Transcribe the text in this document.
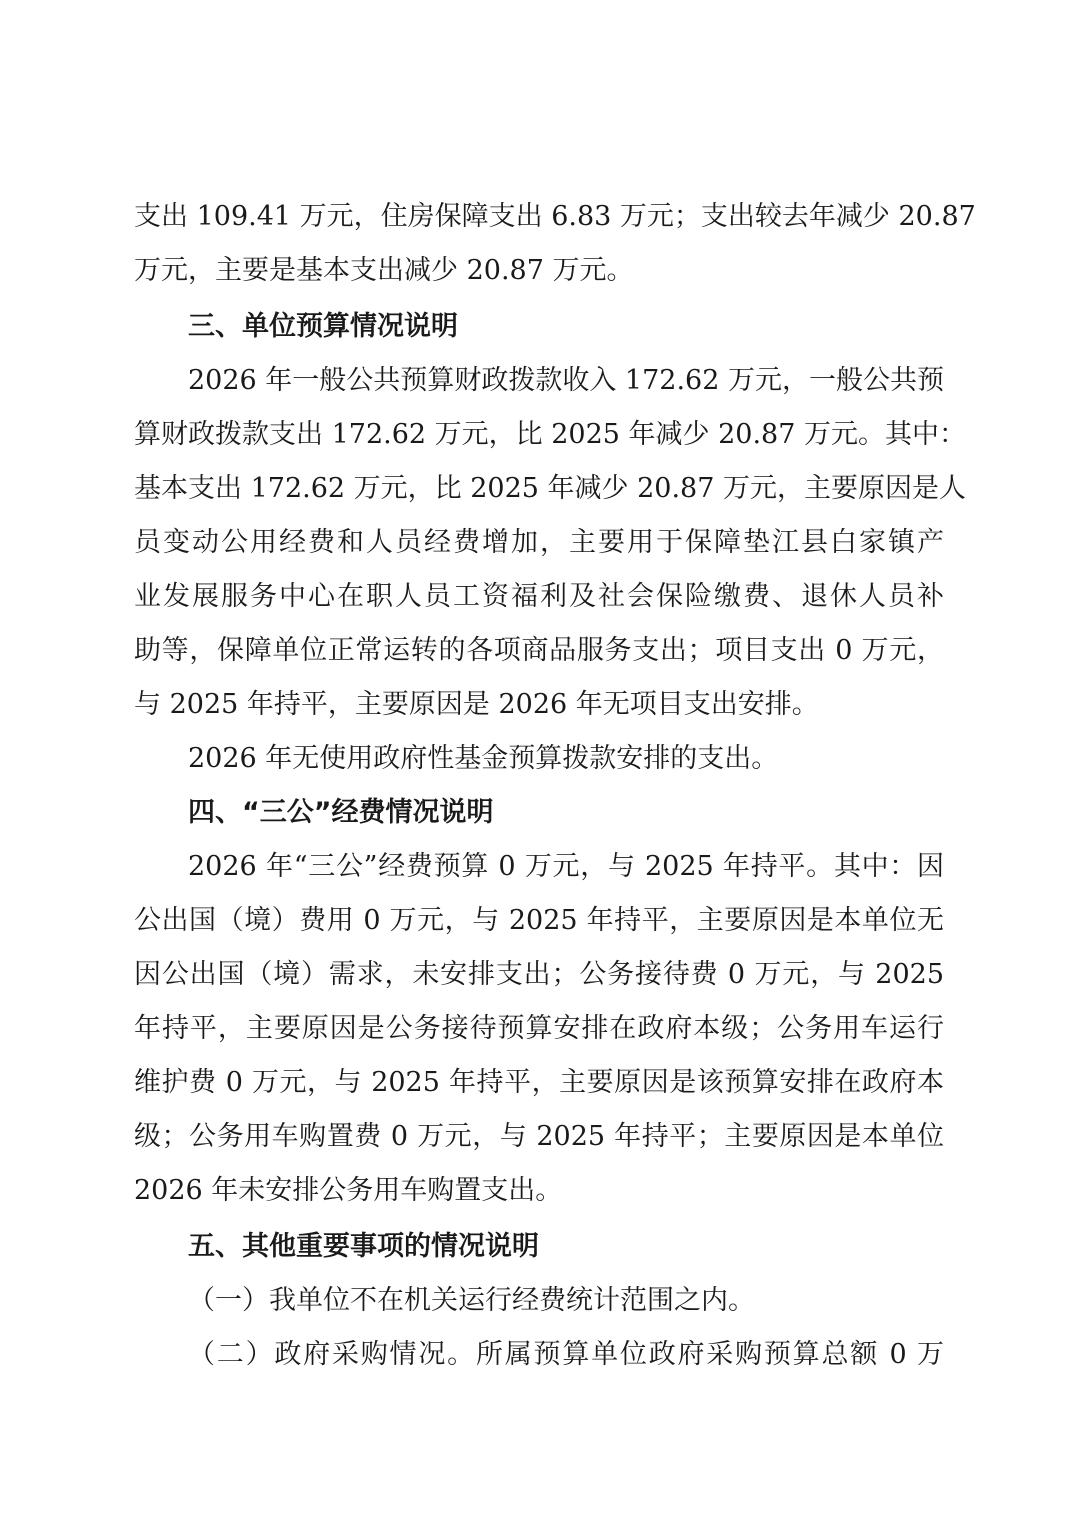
支出 109.41 万元，住房保障支出 6.83 万元；支出较去年减少 20.87
万元，主要是基本支出减少 20.87 万元。
三、单位预算情况说明
2026 年一般公共预算财政拨款收入 172.62 万元，一般公共预
算财政拨款支出 172.62 万元，比 2025 年减少 20.87 万元。其中：
基本支出 172.62 万元，比 2025 年减少 20.87 万元，主要原因是人
员变动公用经费和人员经费增加，主要用于保障垫江县白家镇产
业发展服务中心在职人员工资福利及社会保险缴费、退休人员补
助等，保障单位正常运转的各项商品服务支出；项目支出 0 万元，
与 2025 年持平，主要原因是 2026 年无项目支出安排。
2026 年无使用政府性基金预算拨款安排的支出。
四、“三公”经费情况说明
2026 年“三公”经费预算 0 万元，与 2025 年持平。其中：因
公出国（境）费用 0 万元，与 2025 年持平，主要原因是本单位无
因公出国（境）需求，未安排支出；公务接待费 0 万元，与 2025
年持平，主要原因是公务接待预算安排在政府本级；公务用车运行
维护费 0 万元，与 2025 年持平，主要原因是该预算安排在政府本
级；公务用车购置费 0 万元，与 2025 年持平；主要原因是本单位
2026 年未安排公务用车购置支出。
五、其他重要事项的情况说明
（一）我单位不在机关运行经费统计范围之内。
（二）政府采购情况。所属预算单位政府采购预算总额 0 万
